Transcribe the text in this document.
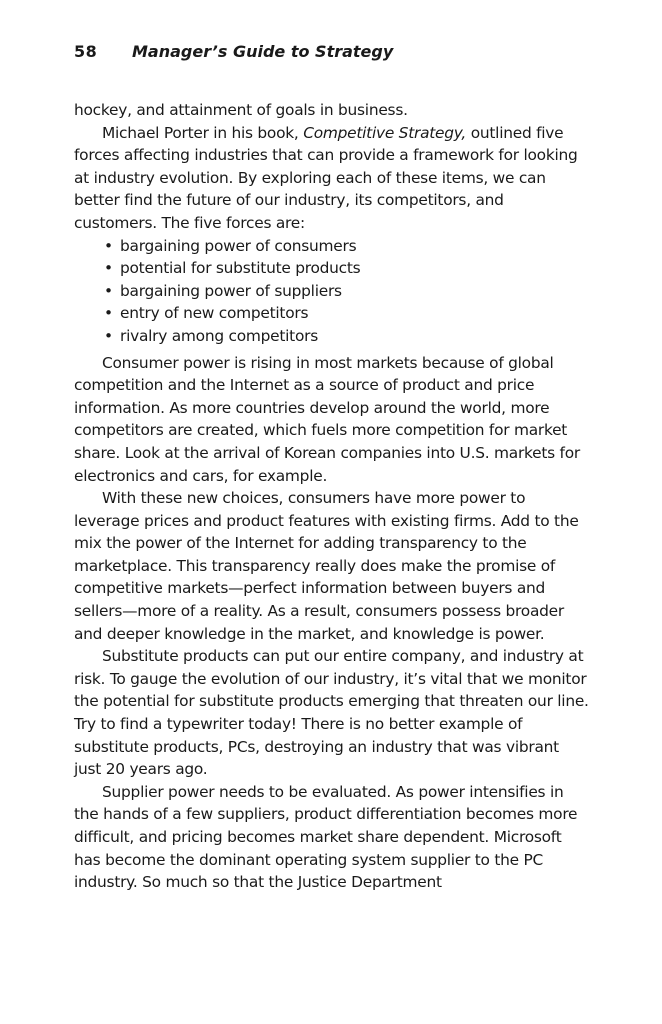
58 Manager’s Guide to Strategy

hockey, and attainment of goals in business.

Michael Porter in his book, Competitive Strategy, outlined five forces affecting industries that can provide a framework for looking at industry evolution. By exploring each of these items, we can better find the future of our industry, its competitors, and customers. The five forces are:

• bargaining power of consumers
• potential for substitute products
• bargaining power of suppliers
• entry of new competitors
• rivalry among competitors

Consumer power is rising in most markets because of global competition and the Internet as a source of product and price information. As more countries develop around the world, more competitors are created, which fuels more competition for market share. Look at the arrival of Korean companies into U.S. markets for electronics and cars, for example.

With these new choices, consumers have more power to leverage prices and product features with existing firms. Add to the mix the power of the Internet for adding transparency to the marketplace. This transparency really does make the promise of competitive markets—perfect information between buyers and sellers—more of a reality. As a result, consumers possess broader and deeper knowledge in the market, and knowledge is power.

Substitute products can put our entire company, and industry at risk. To gauge the evolution of our industry, it’s vital that we monitor the potential for substitute products emerging that threaten our line. Try to find a typewriter today! There is no better example of substitute products, PCs, destroying an industry that was vibrant just 20 years ago.

Supplier power needs to be evaluated. As power intensifies in the hands of a few suppliers, product differentiation becomes more difficult, and pricing becomes market share dependent. Microsoft has become the dominant operating system supplier to the PC industry. So much so that the Justice Department
